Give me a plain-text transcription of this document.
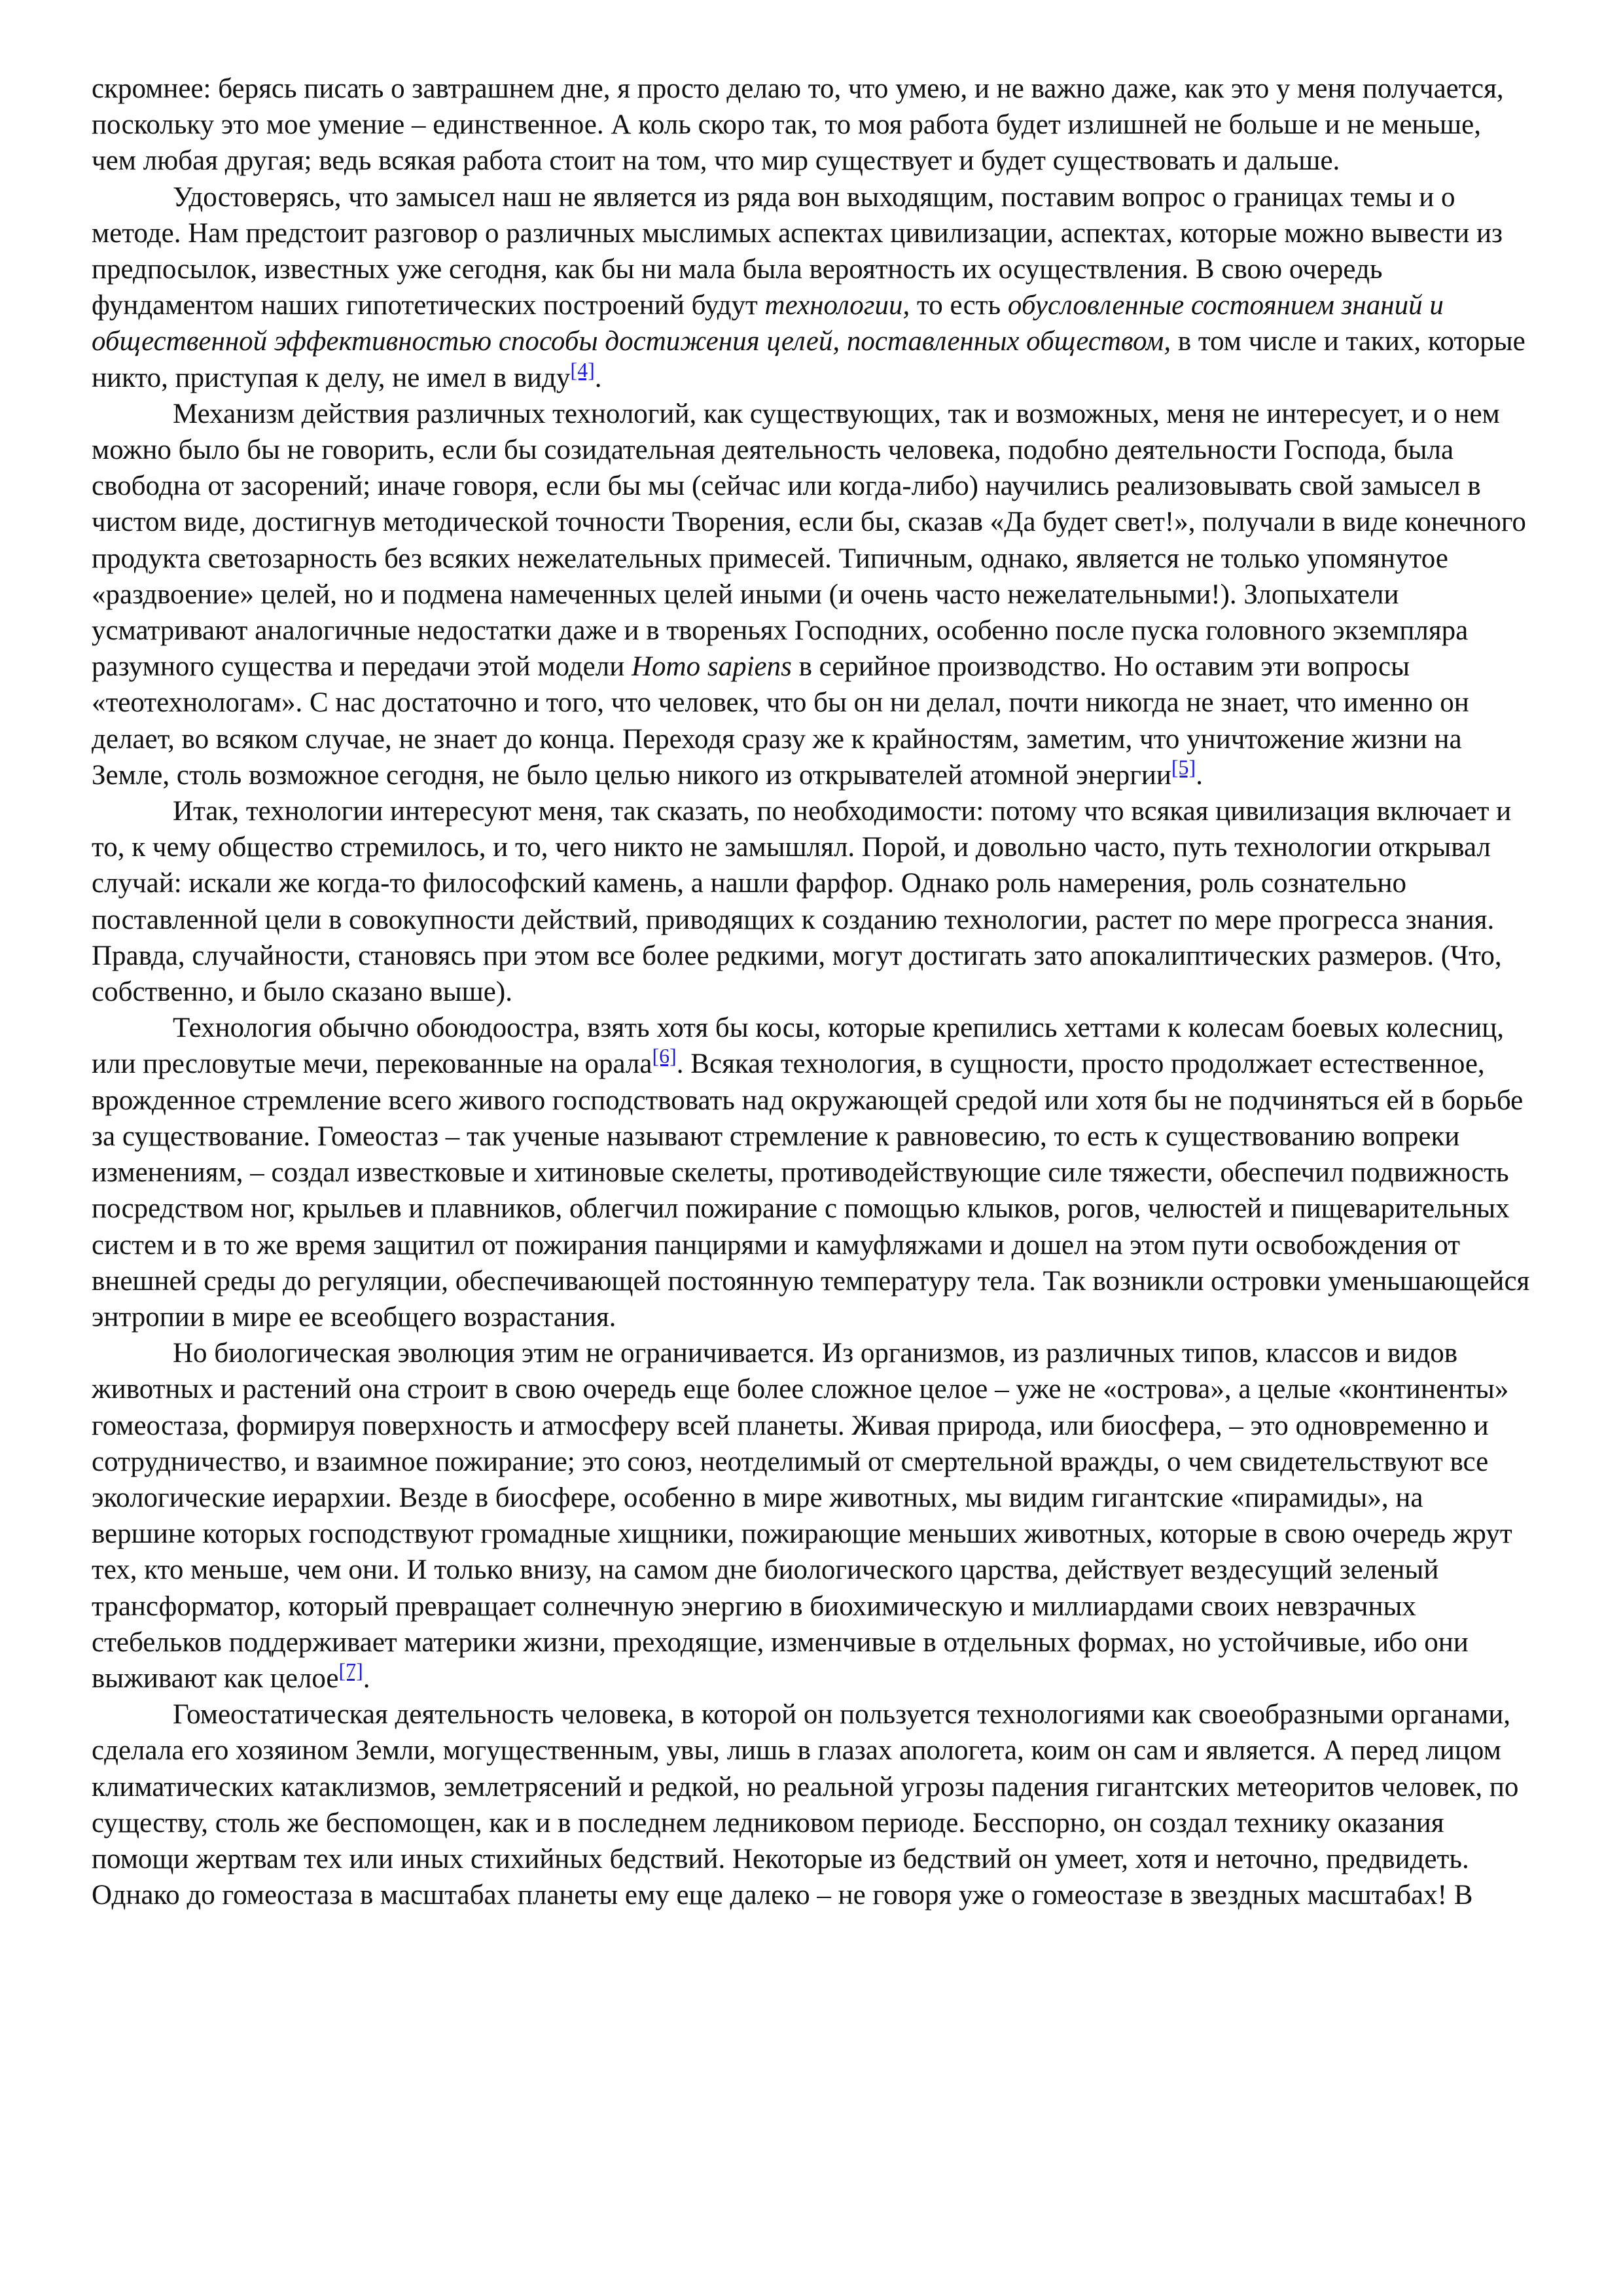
скромнее: берясь писать о завтрашнем дне, я просто делаю то, что умею, и не важно даже, как это у меня получается, поскольку это мое умение – единственное. А коль скоро так, то моя работа будет излишней не больше и не меньше, чем любая другая; ведь всякая работа стоит на том, что мир существует и будет существовать и дальше.

Удостоверясь, что замысел наш не является из ряда вон выходящим, поставим вопрос о границах темы и о методе. Нам предстоит разговор о различных мыслимых аспектах цивилизации, аспектах, которые можно вывести из предпосылок, известных уже сегодня, как бы ни мала была вероятность их осуществления. В свою очередь фундаментом наших гипотетических построений будут технологии, то есть обусловленные состоянием знаний и общественной эффективностью способы достижения целей, поставленных обществом, в том числе и таких, которые никто, приступая к делу, не имел в виду[4].

Механизм действия различных технологий, как существующих, так и возможных, меня не интересует, и о нем можно было бы не говорить, если бы созидательная деятельность человека, подобно деятельности Господа, была свободна от засорений; иначе говоря, если бы мы (сейчас или когда-либо) научились реализовывать свой замысел в чистом виде, достигнув методической точности Творения, если бы, сказав «Да будет свет!», получали в виде конечного продукта светозарность без всяких нежелательных примесей. Типичным, однако, является не только упомянутое «раздвоение» целей, но и подмена намеченных целей иными (и очень часто нежелательными!). Злопыхатели усматривают аналогичные недостатки даже и в твореньях Господних, особенно после пуска головного экземпляра разумного существа и передачи этой модели Homo sapiens в серийное производство. Но оставим эти вопросы «теотехнологам». С нас достаточно и того, что человек, что бы он ни делал, почти никогда не знает, что именно он делает, во всяком случае, не знает до конца. Переходя сразу же к крайностям, заметим, что уничтожение жизни на Земле, столь возможное сегодня, не было целью никого из открывателей атомной энергии[5].

Итак, технологии интересуют меня, так сказать, по необходимости: потому что всякая цивилизация включает и то, к чему общество стремилось, и то, чего никто не замышлял. Порой, и довольно часто, путь технологии открывал случай: искали же когда-то философский камень, а нашли фарфор. Однако роль намерения, роль сознательно поставленной цели в совокупности действий, приводящих к созданию технологии, растет по мере прогресса знания. Правда, случайности, становясь при этом все более редкими, могут достигать зато апокалиптических размеров. (Что, собственно, и было сказано выше).

Технология обычно обоюдоостра, взять хотя бы косы, которые крепились хеттами к колесам боевых колесниц, или пресловутые мечи, перекованные на орала[6]. Всякая технология, в сущности, просто продолжает естественное, врожденное стремление всего живого господствовать над окружающей средой или хотя бы не подчиняться ей в борьбе за существование. Гомеостаз – так ученые называют стремление к равновесию, то есть к существованию вопреки изменениям, – создал известковые и хитиновые скелеты, противодействующие силе тяжести, обеспечил подвижность посредством ног, крыльев и плавников, облегчил пожирание с помощью клыков, рогов, челюстей и пищеварительных систем и в то же время защитил от пожирания панцирями и камуфляжами и дошел на этом пути освобождения от внешней среды до регуляции, обеспечивающей постоянную температуру тела. Так возникли островки уменьшающейся энтропии в мире ее всеобщего возрастания.

Но биологическая эволюция этим не ограничивается. Из организмов, из различных типов, классов и видов животных и растений она строит в свою очередь еще более сложное целое – уже не «острова», а целые «континенты» гомеостаза, формируя поверхность и атмосферу всей планеты. Живая природа, или биосфера, – это одновременно и сотрудничество, и взаимное пожирание; это союз, неотделимый от смертельной вражды, о чем свидетельствуют все экологические иерархии. Везде в биосфере, особенно в мире животных, мы видим гигантские «пирамиды», на вершине которых господствуют громадные хищники, пожирающие меньших животных, которые в свою очередь жрут тех, кто меньше, чем они. И только внизу, на самом дне биологического царства, действует вездесущий зеленый трансформатор, который превращает солнечную энергию в биохимическую и миллиардами своих невзрачных стебельков поддерживает материки жизни, преходящие, изменчивые в отдельных формах, но устойчивые, ибо они выживают как целое[7].

Гомеостатическая деятельность человека, в которой он пользуется технологиями как своеобразными органами, сделала его хозяином Земли, могущественным, увы, лишь в глазах апологета, коим он сам и является. А перед лицом климатических катаклизмов, землетрясений и редкой, но реальной угрозы падения гигантских метеоритов человек, по существу, столь же беспомощен, как и в последнем ледниковом периоде. Бесспорно, он создал технику оказания помощи жертвам тех или иных стихийных бедствий. Некоторые из бедствий он умеет, хотя и неточно, предвидеть. Однако до гомеостаза в масштабах планеты ему еще далеко – не говоря уже о гомеостазе в звездных масштабах! В
